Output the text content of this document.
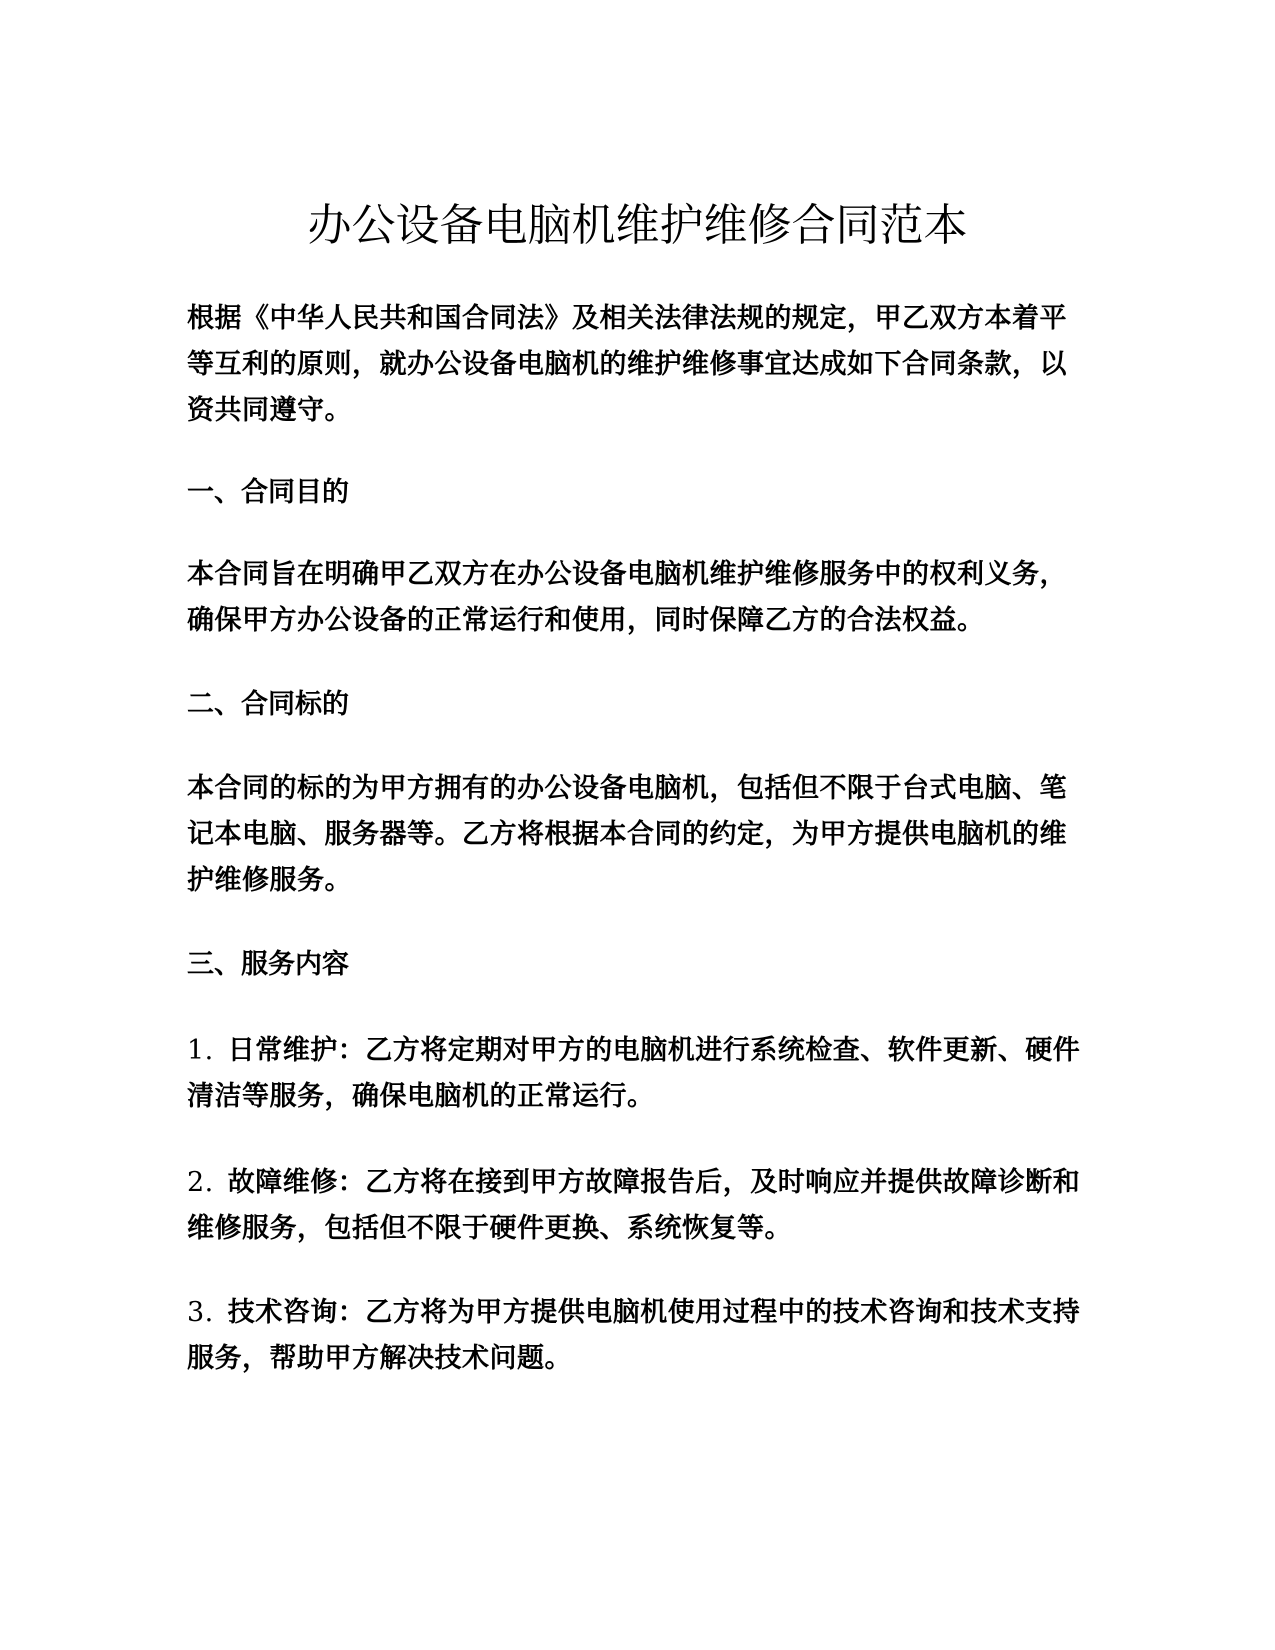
办公设备电脑机维护维修合同范本

根据《中华人民共和国合同法》及相关法律法规的规定，甲乙双方本着平等互利的原则，就办公设备电脑机的维护维修事宜达成如下合同条款，以资共同遵守。

一、合同目的

本合同旨在明确甲乙双方在办公设备电脑机维护维修服务中的权利义务，确保甲方办公设备的正常运行和使用，同时保障乙方的合法权益。

二、合同标的

本合同的标的为甲方拥有的办公设备电脑机，包括但不限于台式电脑、笔记本电脑、服务器等。乙方将根据本合同的约定，为甲方提供电脑机的维护维修服务。

三、服务内容

1. 日常维护：乙方将定期对甲方的电脑机进行系统检查、软件更新、硬件清洁等服务，确保电脑机的正常运行。

2. 故障维修：乙方将在接到甲方故障报告后，及时响应并提供故障诊断和维修服务，包括但不限于硬件更换、系统恢复等。

3. 技术咨询：乙方将为甲方提供电脑机使用过程中的技术咨询和技术支持服务，帮助甲方解决技术问题。
